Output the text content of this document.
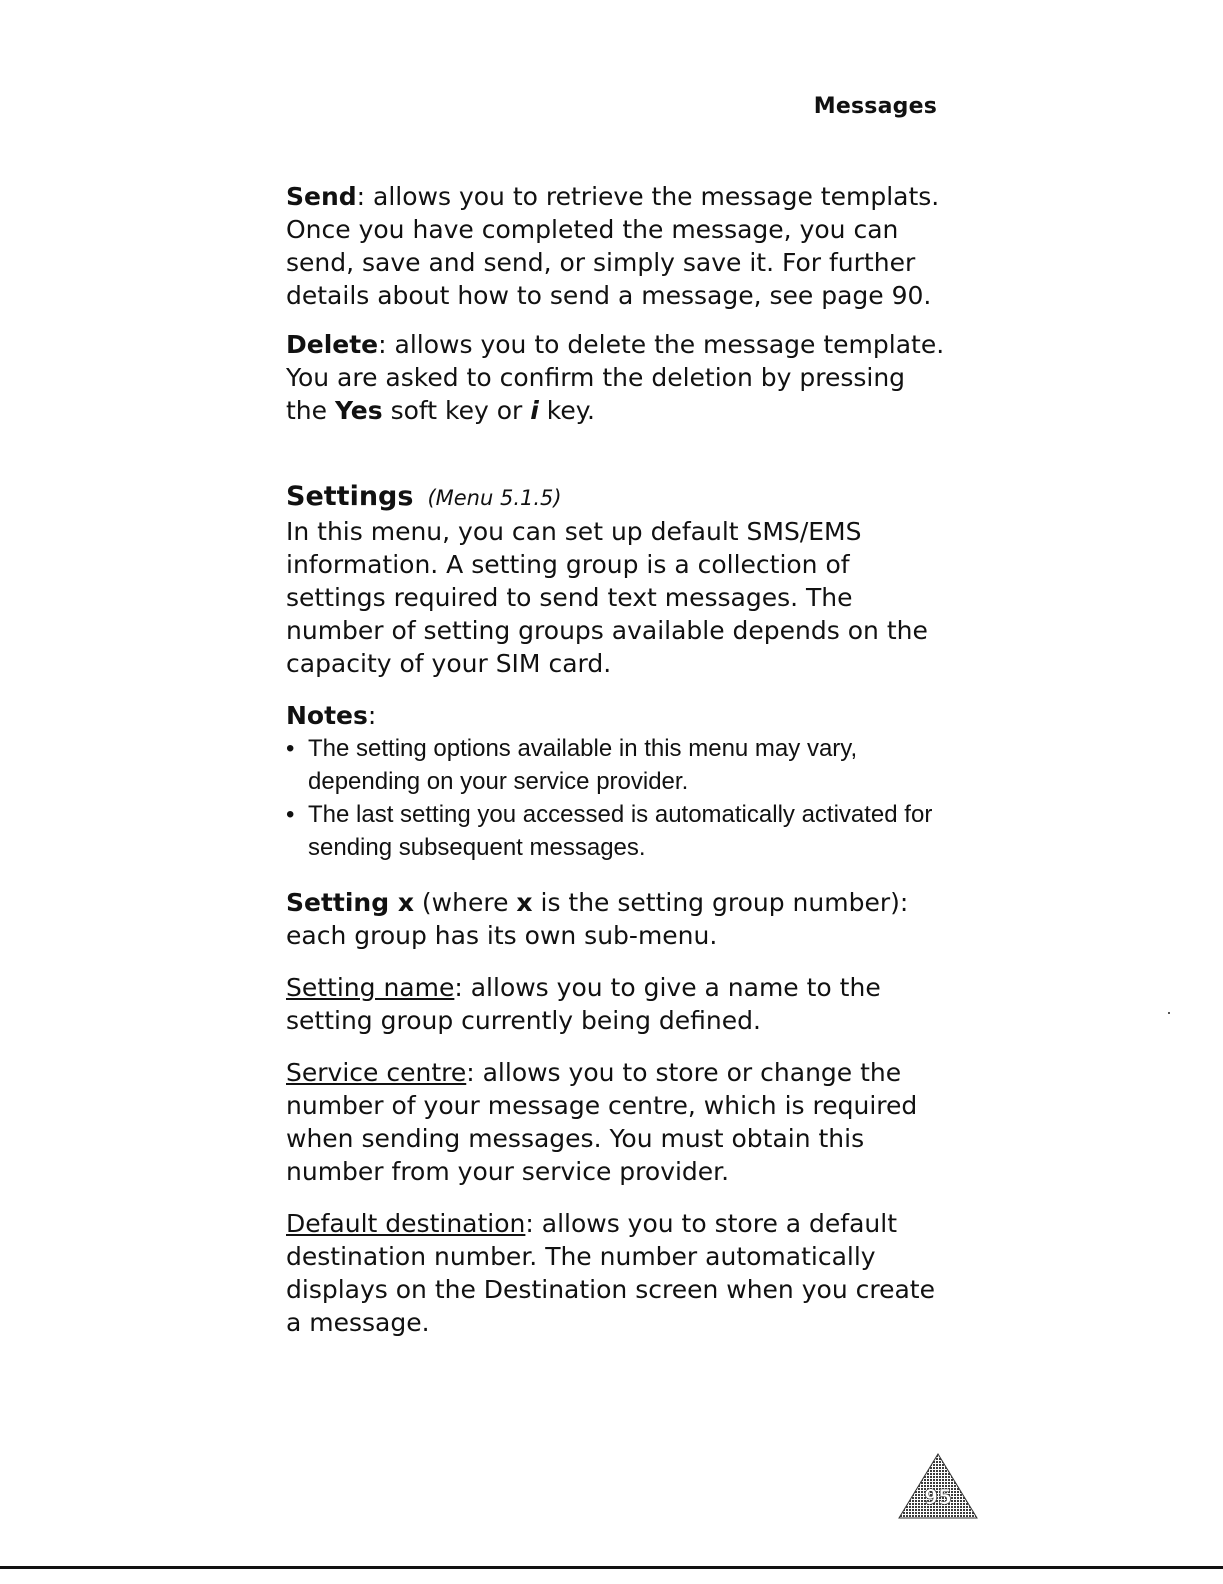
Messages

Send: allows you to retrieve the message templats. Once you have completed the message, you can send, save and send, or simply save it. For further details about how to send a message, see page 90.

Delete: allows you to delete the message template. You are asked to confirm the deletion by pressing the Yes soft key or i key.

Settings (Menu 5.1.5)

In this menu, you can set up default SMS/EMS information. A setting group is a collection of settings required to send text messages. The number of setting groups available depends on the capacity of your SIM card.

Notes:

• The setting options available in this menu may vary, depending on your service provider.
• The last setting you accessed is automatically activated for sending subsequent messages.

Setting x (where x is the setting group number): each group has its own sub-menu.

Setting name: allows you to give a name to the setting group currently being defined.

Service centre: allows you to store or change the number of your message centre, which is required when sending messages. You must obtain this number from your service provider.

Default destination: allows you to store a default destination number. The number automatically displays on the Destination screen when you create a message.

95
